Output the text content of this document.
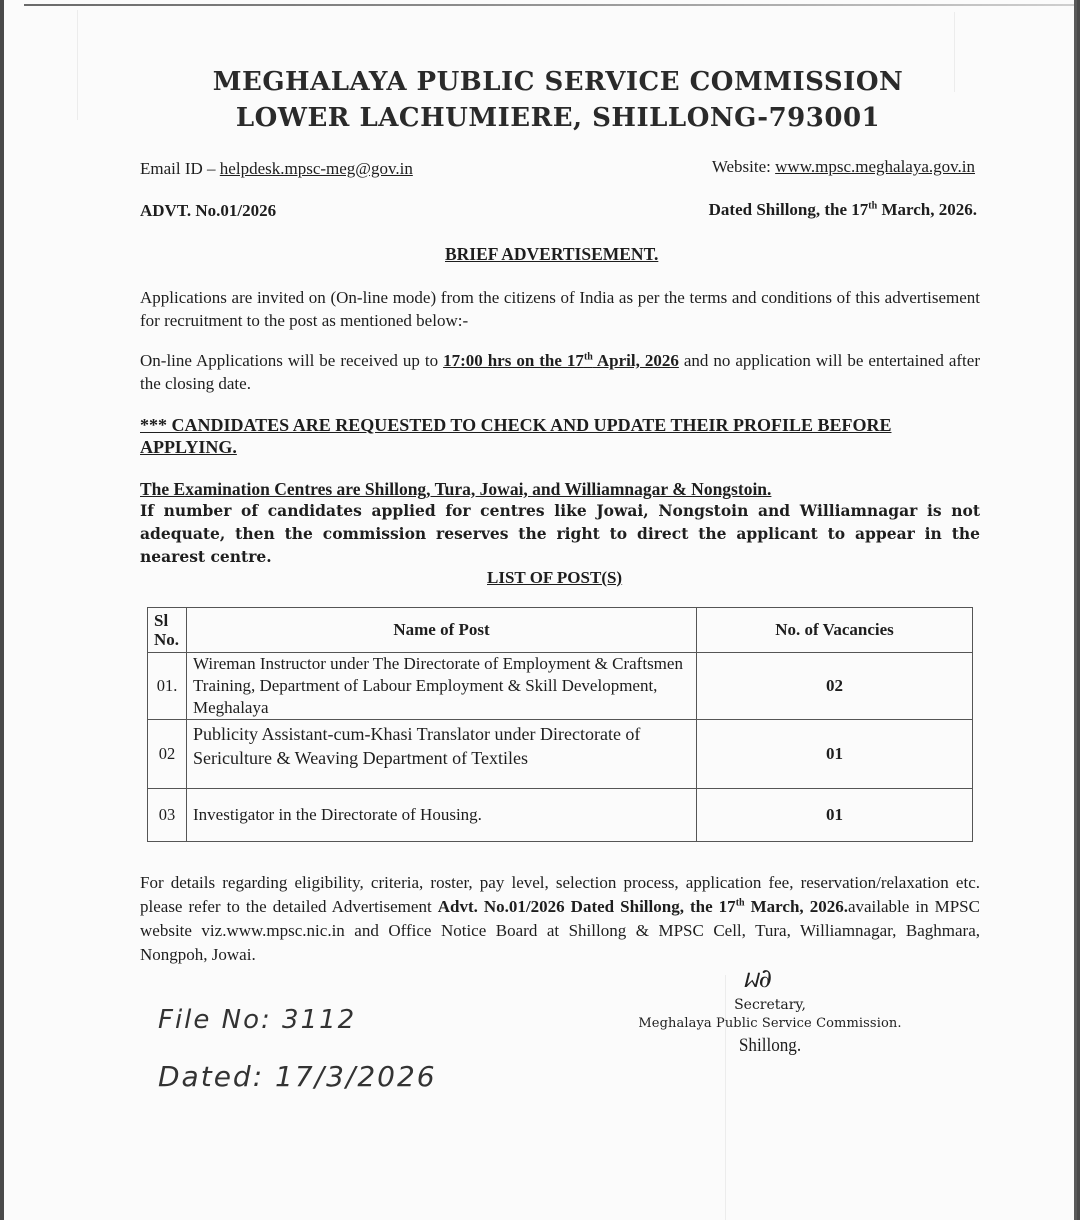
MEGHALAYA PUBLIC SERVICE COMMISSION
LOWER LACHUMIERE, SHILLONG-793001
Email ID – helpdesk.mpsc-meg@gov.in	Website: www.mpsc.meghalaya.gov.in
ADVT. No.01/2026	Dated Shillong, the 17th March, 2026.
BRIEF ADVERTISEMENT.
Applications are invited on (On-line mode) from the citizens of India as per the terms and conditions of this advertisement for recruitment to the post as mentioned below:-
On-line Applications will be received up to 17:00 hrs on the 17th April, 2026 and no application will be entertained after the closing date.
*** CANDIDATES ARE REQUESTED TO CHECK AND UPDATE THEIR PROFILE BEFORE APPLYING.
The Examination Centres are Shillong, Tura, Jowai, and Williamnagar & Nongstoin.
If number of candidates applied for centres like Jowai, Nongstoin and Williamnagar is not adequate, then the commission reserves the right to direct the applicant to appear in the nearest centre.
LIST OF POST(S)
Sl
No.	Name of Post	No. of Vacancies
01.	Wireman Instructor under The Directorate of Employment & Craftsmen Training, Department of Labour Employment & Skill Development, Meghalaya	02
02	Publicity Assistant-cum-Khasi Translator under Directorate of Sericulture & Weaving Department of Textiles	01
03	Investigator in the Directorate of Housing.	01
For details regarding eligibility, criteria, roster, pay level, selection process, application fee, reservation/relaxation etc. please refer to the detailed Advertisement Advt. No.01/2026 Dated Shillong, the 17th March, 2026.available in MPSC website viz.www.mpsc.nic.in and Office Notice Board at Shillong & MPSC Cell, Tura, Williamnagar, Baghmara, Nongpoh, Jowai.
ᥕ∂
Secretary,
Meghalaya Public Service Commission.
Shillong.
File No: 3112
Dated: 17/3/2026
